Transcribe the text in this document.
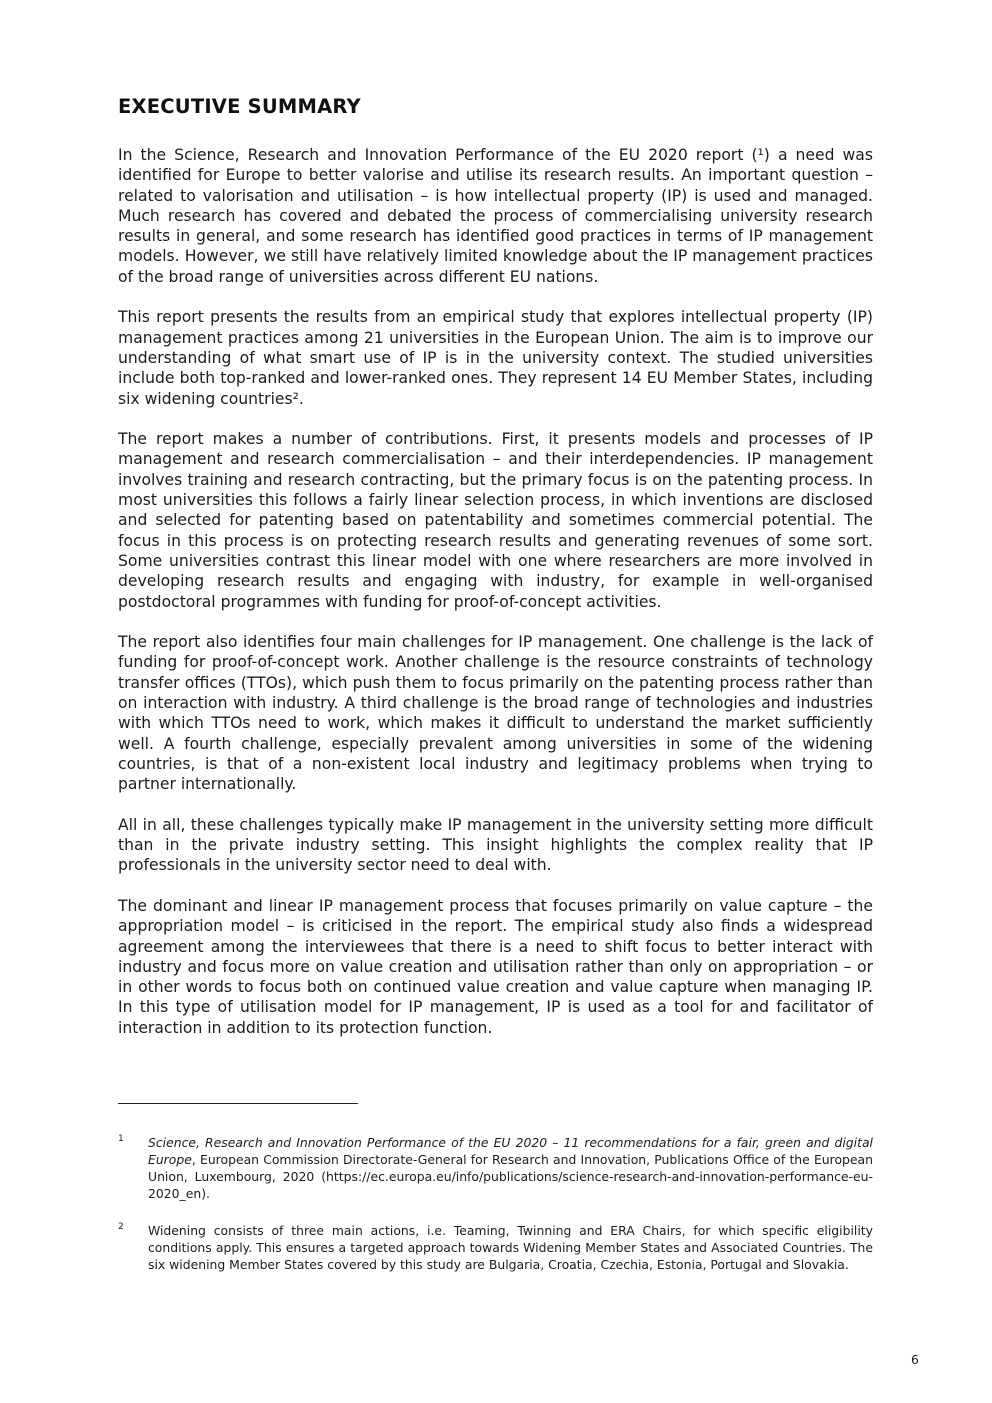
EXECUTIVE SUMMARY

In the Science, Research and Innovation Performance of the EU 2020 report (¹) a need was identified for Europe to better valorise and utilise its research results. An important question – related to valorisation and utilisation – is how intellectual property (IP) is used and managed. Much research has covered and debated the process of commercialising university research results in general, and some research has identified good practices in terms of IP management models. However, we still have relatively limited knowledge about the IP management practices of the broad range of universities across different EU nations.

This report presents the results from an empirical study that explores intellectual property (IP) management practices among 21 universities in the European Union. The aim is to improve our understanding of what smart use of IP is in the university context. The studied universities include both top-ranked and lower-ranked ones. They represent 14 EU Member States, including six widening countries².

The report makes a number of contributions. First, it presents models and processes of IP management and research commercialisation – and their interdependencies. IP management involves training and research contracting, but the primary focus is on the patenting process. In most universities this follows a fairly linear selection process, in which inventions are disclosed and selected for patenting based on patentability and sometimes commercial potential. The focus in this process is on protecting research results and generating revenues of some sort. Some universities contrast this linear model with one where researchers are more involved in developing research results and engaging with industry, for example in well-organised postdoctoral programmes with funding for proof-of-concept activities.

The report also identifies four main challenges for IP management. One challenge is the lack of funding for proof-of-concept work. Another challenge is the resource constraints of technology transfer offices (TTOs), which push them to focus primarily on the patenting process rather than on interaction with industry. A third challenge is the broad range of technologies and industries with which TTOs need to work, which makes it difficult to understand the market sufficiently well. A fourth challenge, especially prevalent among universities in some of the widening countries, is that of a non-existent local industry and legitimacy problems when trying to partner internationally.

All in all, these challenges typically make IP management in the university setting more difficult than in the private industry setting. This insight highlights the complex reality that IP professionals in the university sector need to deal with.

The dominant and linear IP management process that focuses primarily on value capture – the appropriation model – is criticised in the report. The empirical study also finds a widespread agreement among the interviewees that there is a need to shift focus to better interact with industry and focus more on value creation and utilisation rather than only on appropriation – or in other words to focus both on continued value creation and value capture when managing IP. In this type of utilisation model for IP management, IP is used as a tool for and facilitator of interaction in addition to its protection function.

1 Science, Research and Innovation Performance of the EU 2020 – 11 recommendations for a fair, green and digital Europe, European Commission Directorate-General for Research and Innovation, Publications Office of the European Union, Luxembourg, 2020 (https://ec.europa.eu/info/publications/science-research-and-innovation-performance-eu-2020_en).

2 Widening consists of three main actions, i.e. Teaming, Twinning and ERA Chairs, for which specific eligibility conditions apply. This ensures a targeted approach towards Widening Member States and Associated Countries. The six widening Member States covered by this study are Bulgaria, Croatia, Czechia, Estonia, Portugal and Slovakia.

6
